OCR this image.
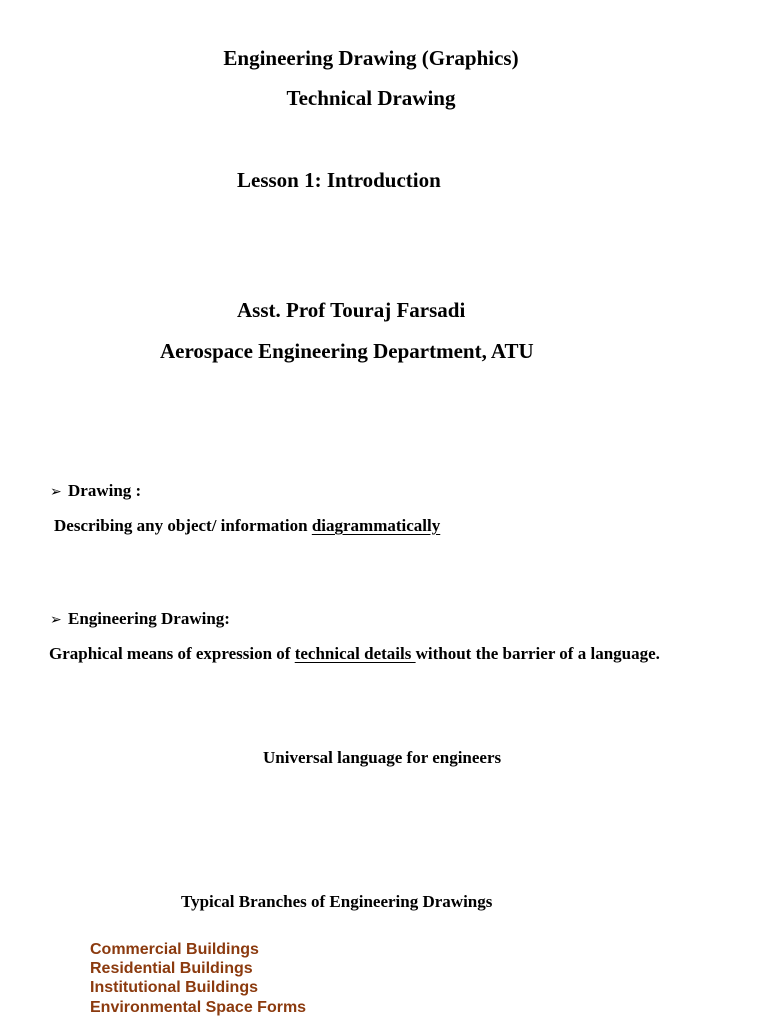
Engineering Drawing (Graphics)
Technical Drawing
Lesson 1: Introduction
Asst. Prof Touraj Farsadi
Aerospace Engineering Department, ATU
➢ Drawing :
Describing any object/ information diagrammatically
➢ Engineering Drawing:
Graphical means of expression of technical details without the barrier of a language.
Universal language for engineers
Typical Branches of Engineering Drawings
Commercial Buildings
Residential Buildings
Institutional Buildings
Environmental Space Forms
